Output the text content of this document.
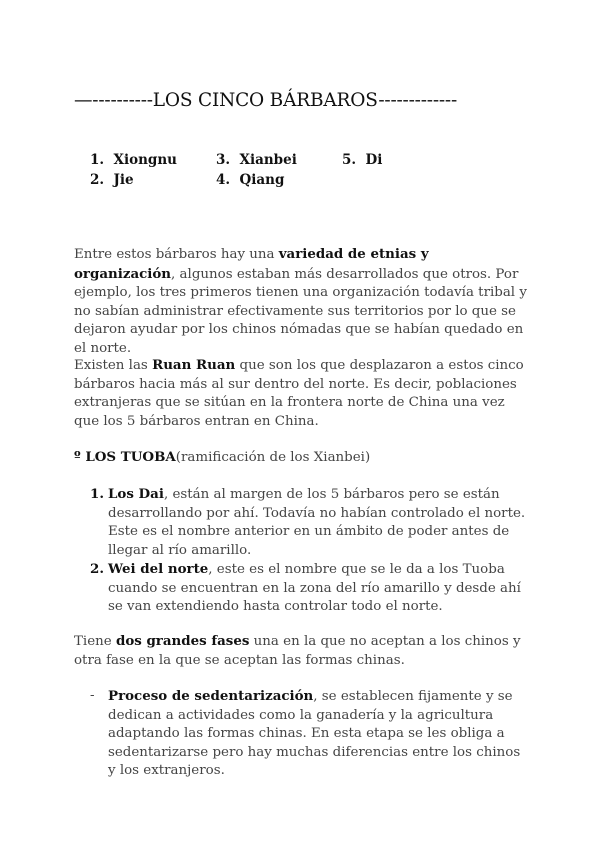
—----------LOS CINCO BÁRBAROS-------------
1. Xiongnu
2. Jie
3. Xianbei
4. Qiang
5. Di
Entre estos bárbaros hay una variedad de etnias y organización, algunos estaban más desarrollados que otros. Por ejemplo, los tres primeros tienen una organización todavía tribal y no sabían administrar efectivamente sus territorios por lo que se dejaron ayudar por los chinos nómadas que se habían quedado en el norte.
Existen las Ruan Ruan que son los que desplazaron a estos cinco bárbaros hacia más al sur dentro del norte. Es decir, poblaciones extranjeras que se sitúan en la frontera norte de China una vez que los 5 bárbaros entran en China.
º LOS TUOBA(ramificación de los Xianbei)
1. Los Dai, están al margen de los 5 bárbaros pero se están desarrollando por ahí. Todavía no habían controlado el norte. Este es el nombre anterior en un ámbito de poder antes de llegar al río amarillo.
2. Wei del norte, este es el nombre que se le da a los Tuoba cuando se encuentran en la zona del río amarillo y desde ahí se van extendiendo hasta controlar todo el norte.
Tiene dos grandes fases una en la que no aceptan a los chinos y otra fase en la que se aceptan las formas chinas.
- Proceso de sedentarización, se establecen fijamente y se dedican a actividades como la ganadería y la agricultura adaptando las formas chinas. En esta etapa se les obliga a sedentarizarse pero hay muchas diferencias entre los chinos y los extranjeros.
